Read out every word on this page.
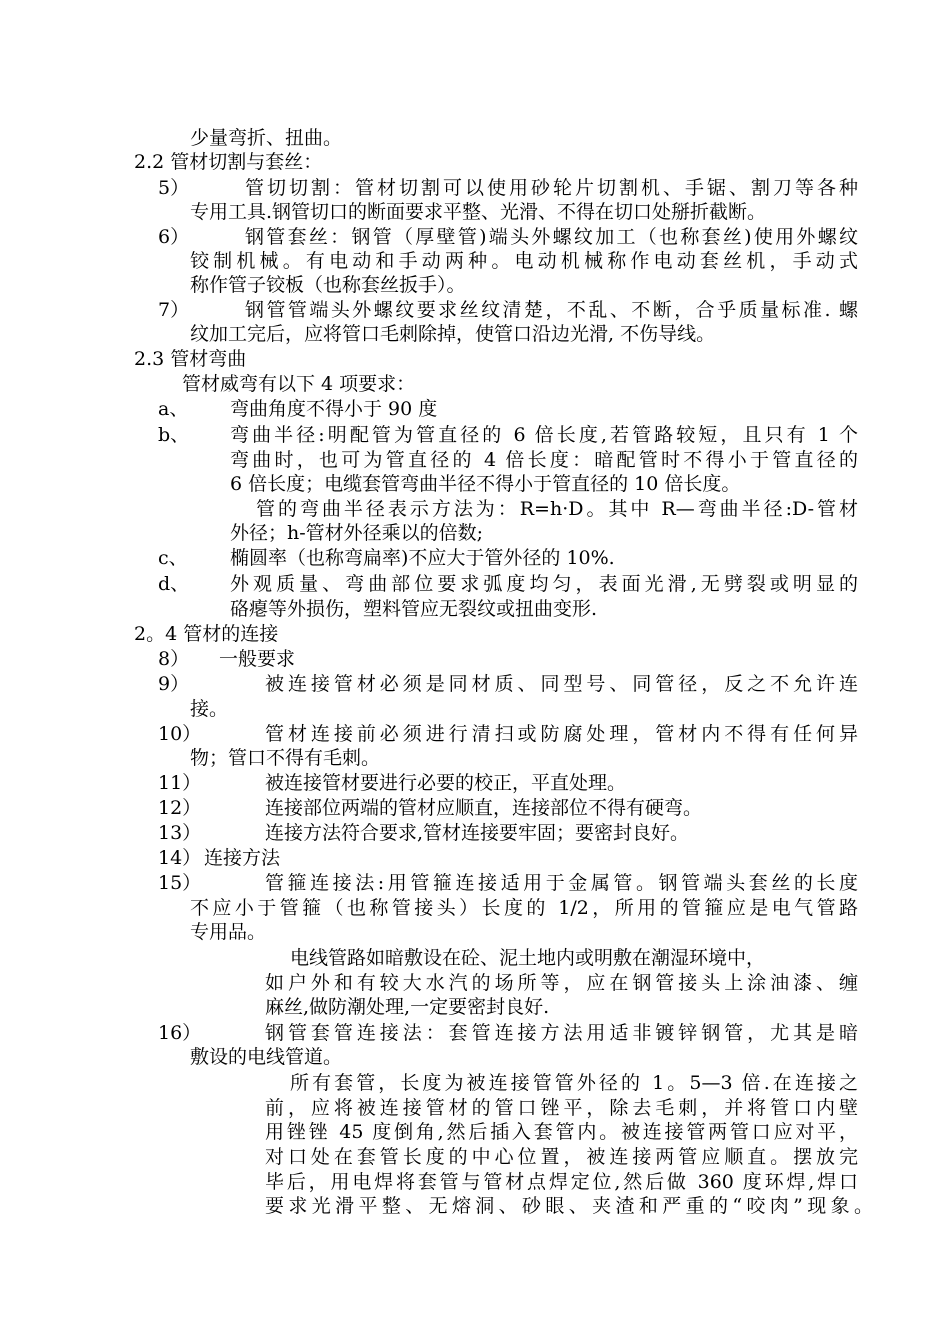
少量弯折、扭曲。
2.2 管材切割与套丝：
5）	管切切割：管材切割可以使用砂轮片切割机、手锯、割刀等各种
专用工具.钢管切口的断面要求平整、光滑、不得在切口处掰折截断。
6）	钢管套丝：钢管（厚壁管)端头外螺纹加工（也称套丝)使用外螺纹
铰制机械。有电动和手动两种。电动机械称作电动套丝机，手动式
称作管子铰板（也称套丝扳手）。
7）	钢管管端头外螺纹要求丝纹清楚，不乱、不断，合乎质量标准. 螺
纹加工完后，应将管口毛刺除掉，使管口沿边光滑, 不伤导线。
2.3 管材弯曲
管材威弯有以下 4 项要求：
a、 弯曲角度不得小于 90 度
b、 弯曲半径:明配管为管直径的 6 倍长度,若管路较短，且只有 1 个
弯曲时，也可为管直径的 4 倍长度：暗配管时不得小于管直径的
6 倍长度；电缆套管弯曲半径不得小于管直径的 10 倍长度。
管的弯曲半径表示方法为：R=h·D。其中 R—弯曲半径:D-管材
外径；h-管材外径乘以的倍数;
c、 椭圆率（也称弯扁率)不应大于管外径的 10%.
d、 外观质量、弯曲部位要求弧度均匀，表面光滑,无劈裂或明显的
硌瘪等外损伤，塑料管应无裂纹或扭曲变形.
2。4 管材的连接
8） 一般要求
9）	被连接管材必须是同材质、同型号、同管径，反之不允许连
接。
10）	管材连接前必须进行清扫或防腐处理，管材内不得有任何异
物；管口不得有毛刺。
11）	被连接管材要进行必要的校正，平直处理。
12）	连接部位两端的管材应顺直，连接部位不得有硬弯。
13）	连接方法符合要求,管材连接要牢固；要密封良好。
14） 连接方法
15）	管箍连接法:用管箍连接适用于金属管。钢管端头套丝的长度
不应小于管箍（也称管接头）长度的 1/2，所用的管箍应是电气管路
专用品。
电线管路如暗敷设在砼、泥土地内或明敷在潮湿环境中，
如户外和有较大水汽的场所等，应在钢管接头上涂油漆、缠
麻丝,做防潮处理,一定要密封良好.
16）	钢管套管连接法：套管连接方法用适非镀锌钢管，尤其是暗
敷设的电线管道。
所有套管，长度为被连接管管外径的 1。5—3 倍.在连接之
前，应将被连接管材的管口锉平，除去毛刺，并将管口内壁
用锉锉 45 度倒角,然后插入套管内。被连接管两管口应对平，
对口处在套管长度的中心位置，被连接两管应顺直。摆放完
毕后，用电焊将套管与管材点焊定位,然后做 360 度环焊,焊口
要求光滑平整、无熔洞、砂眼、夹渣和严重的“咬肉”现象。
